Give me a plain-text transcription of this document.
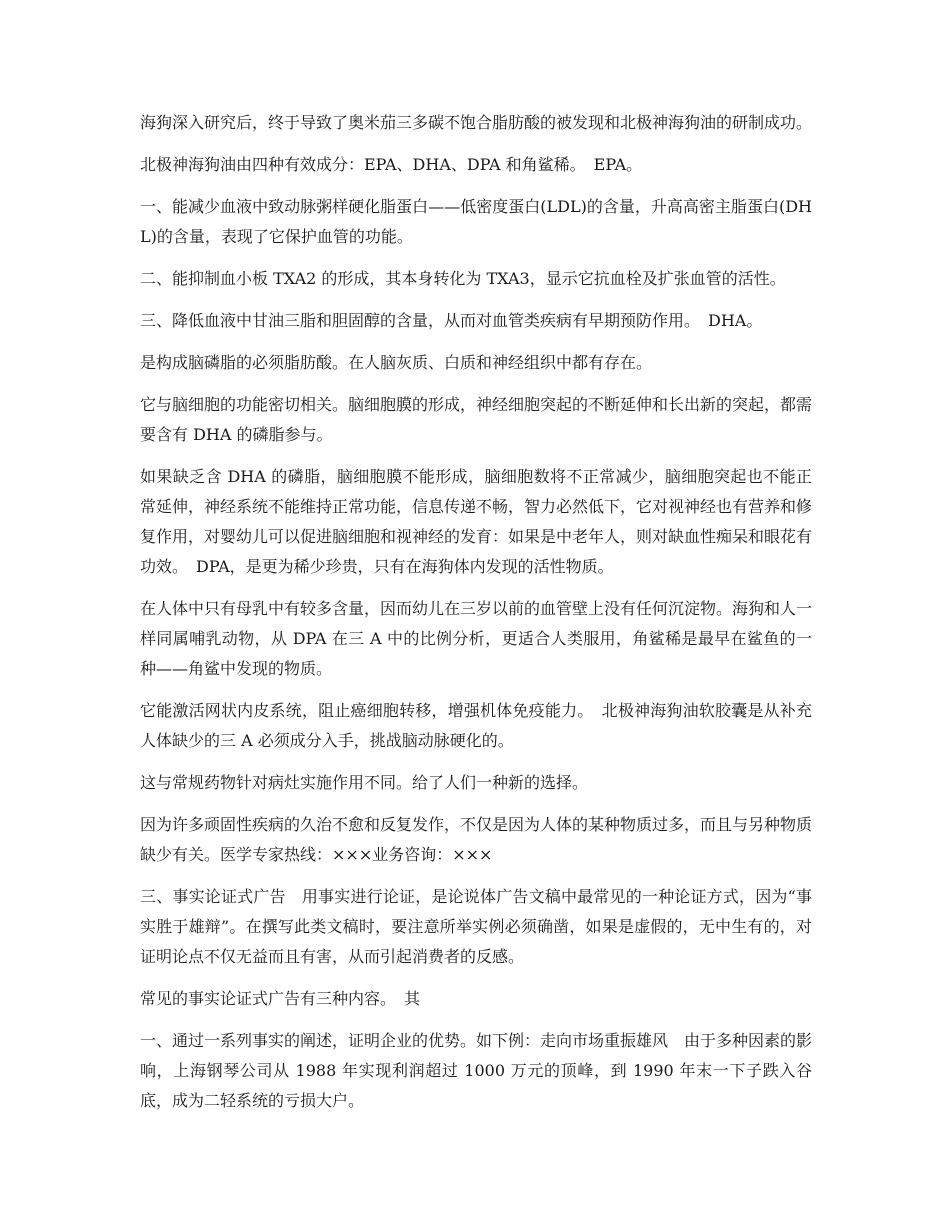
海狗深入研究后，终于导致了奥米茄三多碳不饱合脂肪酸的被发现和北极神海狗油的研制成功。

北极神海狗油由四种有效成分：EPA、DHA、DPA 和角鲨稀。　EPA。

一、能减少血液中致动脉粥样硬化脂蛋白——低密度蛋白(LDL)的含量，升高高密主脂蛋白(DHL)的含量，表现了它保护血管的功能。

二、能抑制血小板 TXA2 的形成，其本身转化为 TXA3，显示它抗血栓及扩张血管的活性。

三、降低血液中甘油三脂和胆固醇的含量，从而对血管类疾病有早期预防作用。　DHA。

是构成脑磷脂的必须脂肪酸。在人脑灰质、白质和神经组织中都有存在。

它与脑细胞的功能密切相关。脑细胞膜的形成，神经细胞突起的不断延伸和长出新的突起，都需要含有 DHA 的磷脂参与。

如果缺乏含 DHA 的磷脂，脑细胞膜不能形成，脑细胞数将不正常减少，脑细胞突起也不能正常延伸，神经系统不能维持正常功能，信息传递不畅，智力必然低下，它对视神经也有营养和修复作用，对婴幼儿可以促进脑细胞和视神经的发育：如果是中老年人，则对缺血性痴呆和眼花有功效。　DPA，是更为稀少珍贵，只有在海狗体内发现的活性物质。

在人体中只有母乳中有较多含量，因而幼儿在三岁以前的血管壁上没有任何沉淀物。海狗和人一样同属哺乳动物，从 DPA 在三 A 中的比例分析，更适合人类服用，角鲨稀是最早在鲨鱼的一种——角鲨中发现的物质。

它能激活网状内皮系统，阻止癌细胞转移，增强机体免疫能力。　北极神海狗油软胶囊是从补充人体缺少的三 A 必须成分入手，挑战脑动脉硬化的。

这与常规药物针对病灶实施作用不同。给了人们一种新的选择。

因为许多顽固性疾病的久治不愈和反复发作，不仅是因为人体的某种物质过多，而且与另种物质缺少有关。医学专家热线：×××业务咨询：×××

三、事实论证式广告　用事实进行论证，是论说体广告文稿中最常见的一种论证方式，因为“事实胜于雄辩”。在撰写此类文稿时，要注意所举实例必须确凿，如果是虚假的，无中生有的，对证明论点不仅无益而且有害，从而引起消费者的反感。

常见的事实论证式广告有三种内容。　其

一、通过一系列事实的阐述，证明企业的优势。如下例：走向市场重振雄风　由于多种因素的影响，上海钢琴公司从 1988 年实现利润超过 1000 万元的顶峰，到 1990 年末一下子跌入谷底，成为二轻系统的亏损大户。
